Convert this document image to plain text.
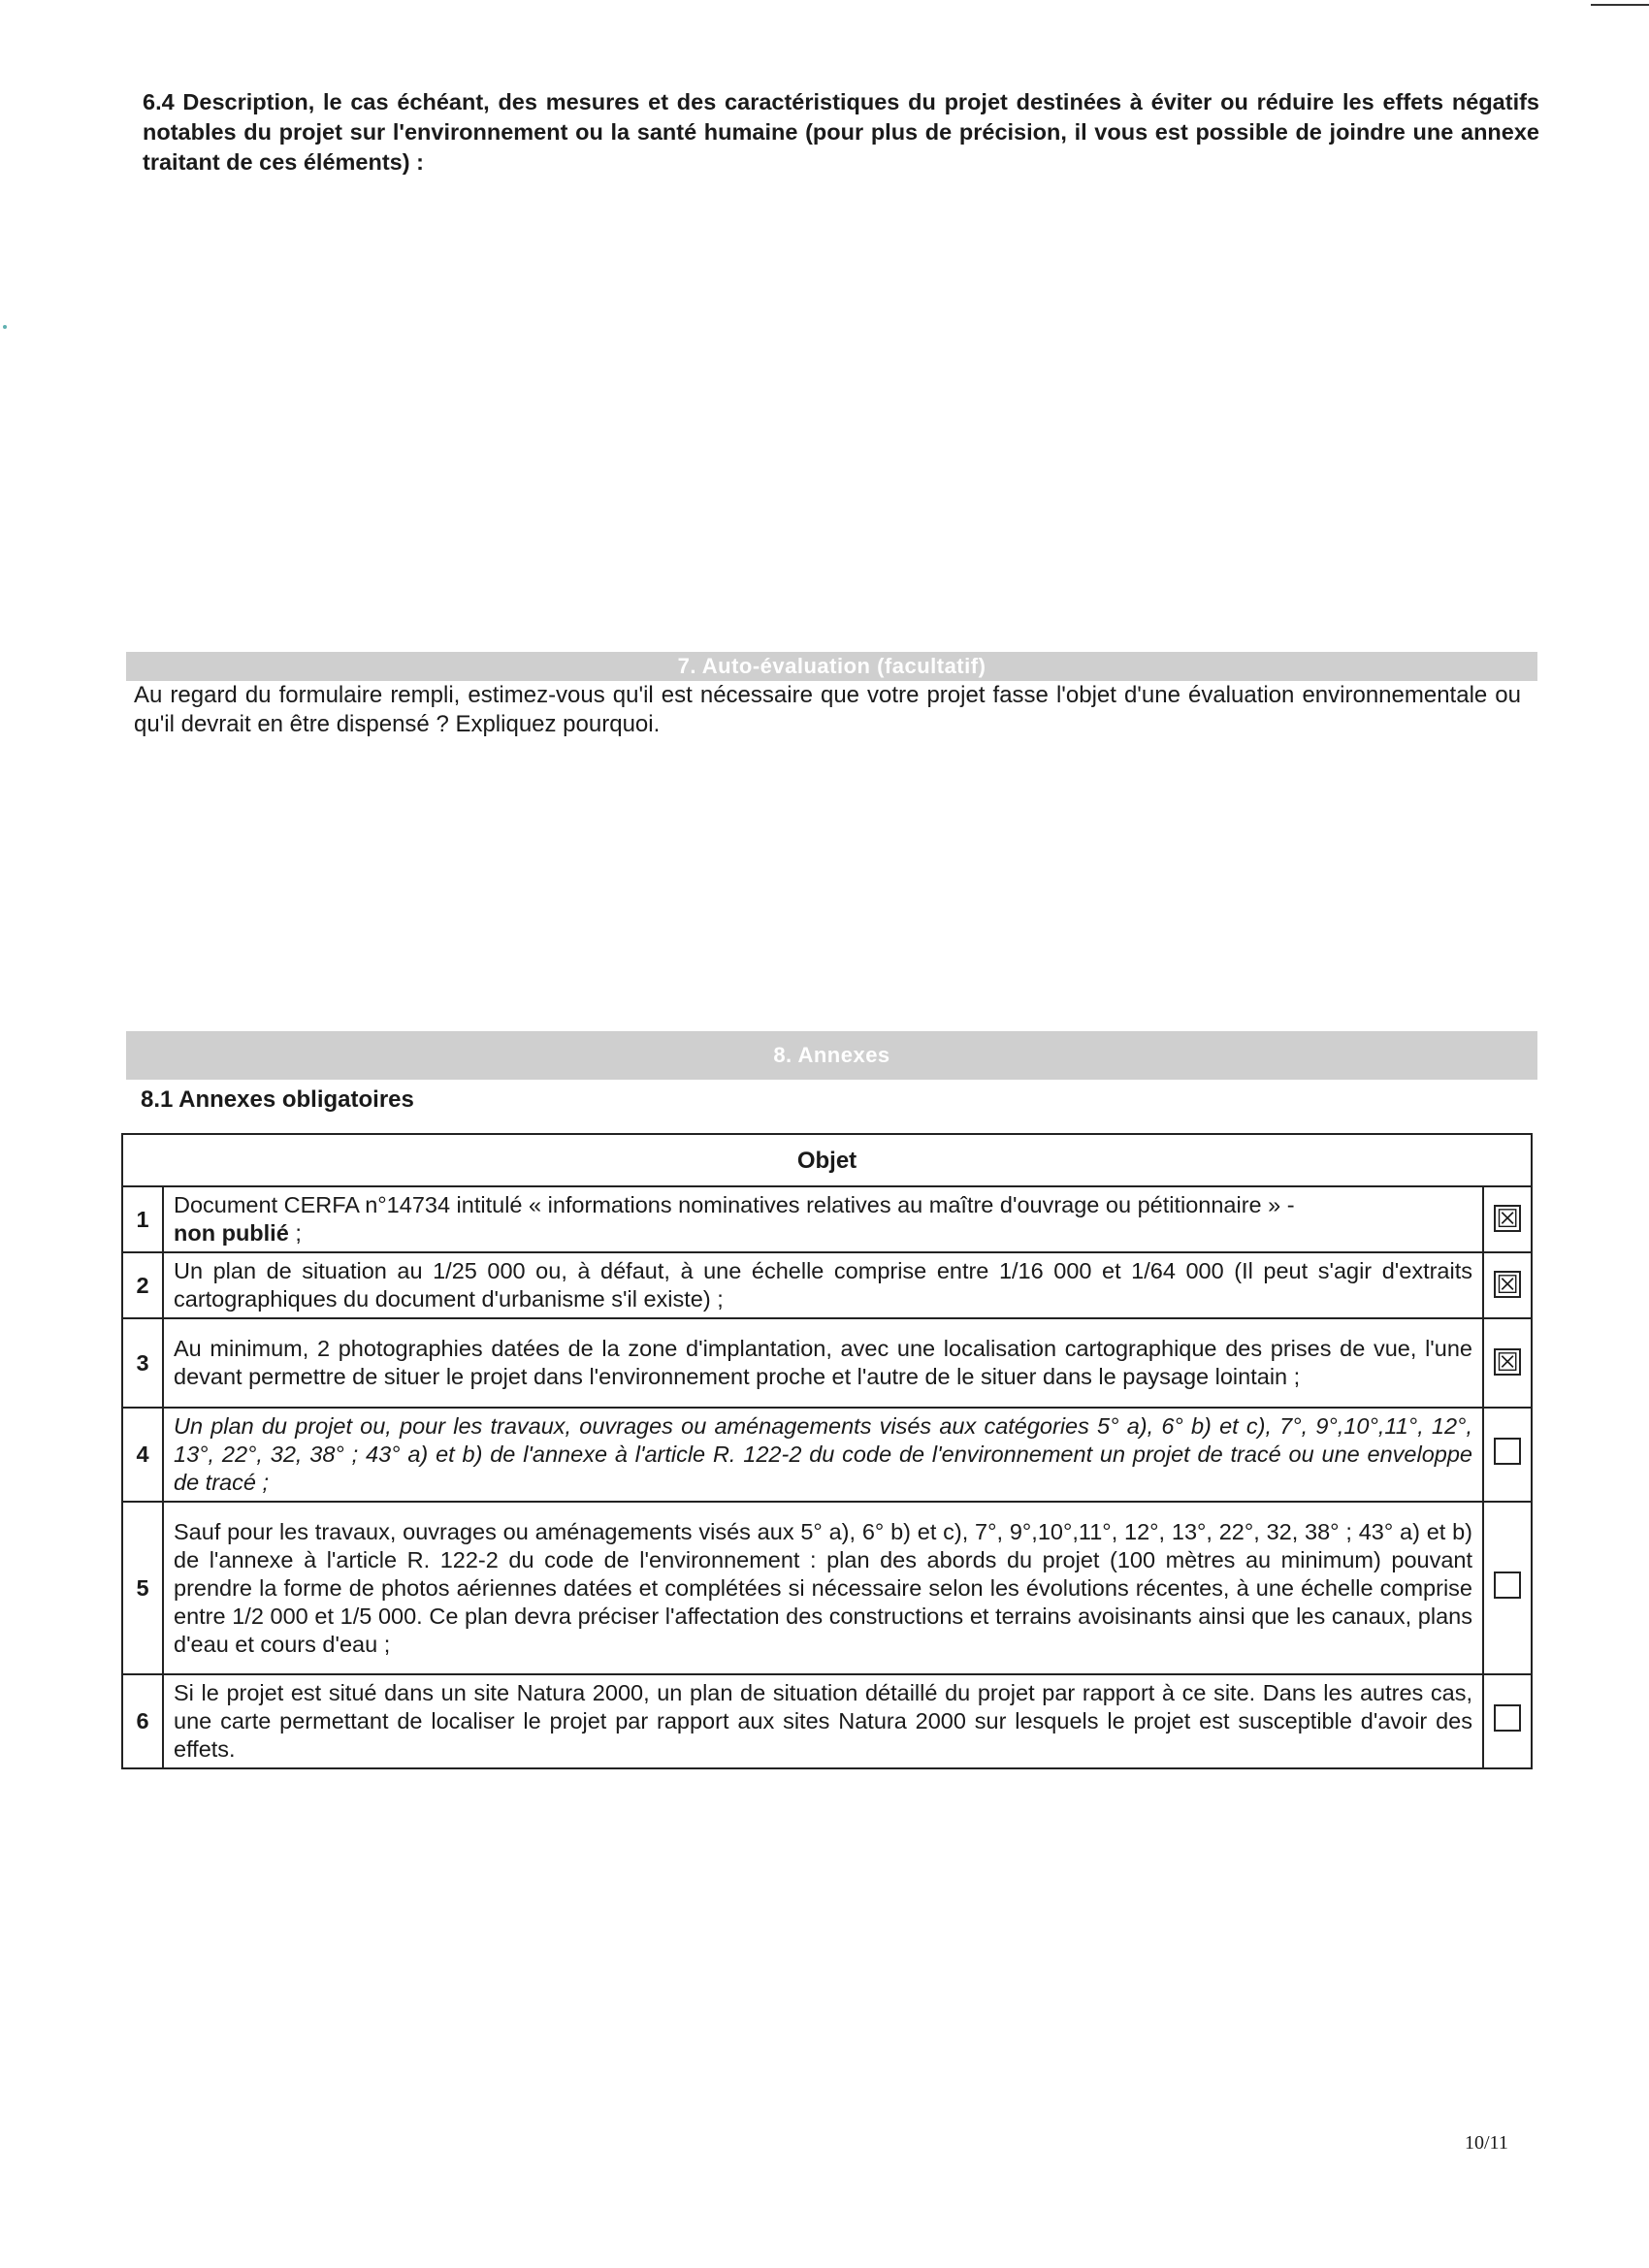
6.4 Description, le cas échéant, des mesures et des caractéristiques du projet destinées à éviter ou réduire les effets négatifs notables du projet sur l'environnement ou la santé humaine (pour plus de précision, il vous est possible de joindre une annexe traitant de ces éléments) :
7. Auto-évaluation (facultatif)
Au regard du formulaire rempli, estimez-vous qu'il est nécessaire que votre projet fasse l'objet d'une évaluation environnementale ou qu'il devrait en être dispensé ? Expliquez pourquoi.
8. Annexes
8.1 Annexes obligatoires
Objet		
1	Document CERFA n°14734 intitulé « informations nominatives relatives au maître d'ouvrage ou pétitionnaire » -
non publié ;	☒
2	Un plan de situation au 1/25 000 ou, à défaut, à une échelle comprise entre 1/16 000 et 1/64 000 (Il peut s'agir d'extraits cartographiques du document d'urbanisme s'il existe) ;	☒
3	Au minimum, 2 photographies datées de la zone d'implantation, avec une localisation cartographique des prises de vue, l'une devant permettre de situer le projet dans l'environnement proche et l'autre de le situer dans le paysage lointain ;	☒
4	Un plan du projet ou, pour les travaux, ouvrages ou aménagements visés aux catégories 5° a), 6° b) et c), 7°, 9°,10°,11°, 12°, 13°, 22°, 32, 38° ; 43° a) et b) de l'annexe à l'article R. 122-2 du code de l'environnement un projet de tracé ou une enveloppe de tracé ;	
5	Sauf pour les travaux, ouvrages ou aménagements visés aux 5° a), 6° b) et c), 7°, 9°,10°,11°, 12°, 13°, 22°, 32, 38° ; 43° a) et b) de l'annexe à l'article R. 122-2 du code de l'environnement : plan des abords du projet (100 mètres au minimum) pouvant prendre la forme de photos aériennes datées et complétées si nécessaire selon les évolutions récentes, à une échelle comprise entre 1/2 000 et 1/5 000. Ce plan devra préciser l'affectation des constructions et terrains avoisinants ainsi que les canaux, plans d'eau et cours d'eau ;	
6	Si le projet est situé dans un site Natura 2000, un plan de situation détaillé du projet par rapport à ce site. Dans les autres cas, une carte permettant de localiser le projet par rapport aux sites Natura 2000 sur lesquels le projet est susceptible d'avoir des effets.	
10/11
